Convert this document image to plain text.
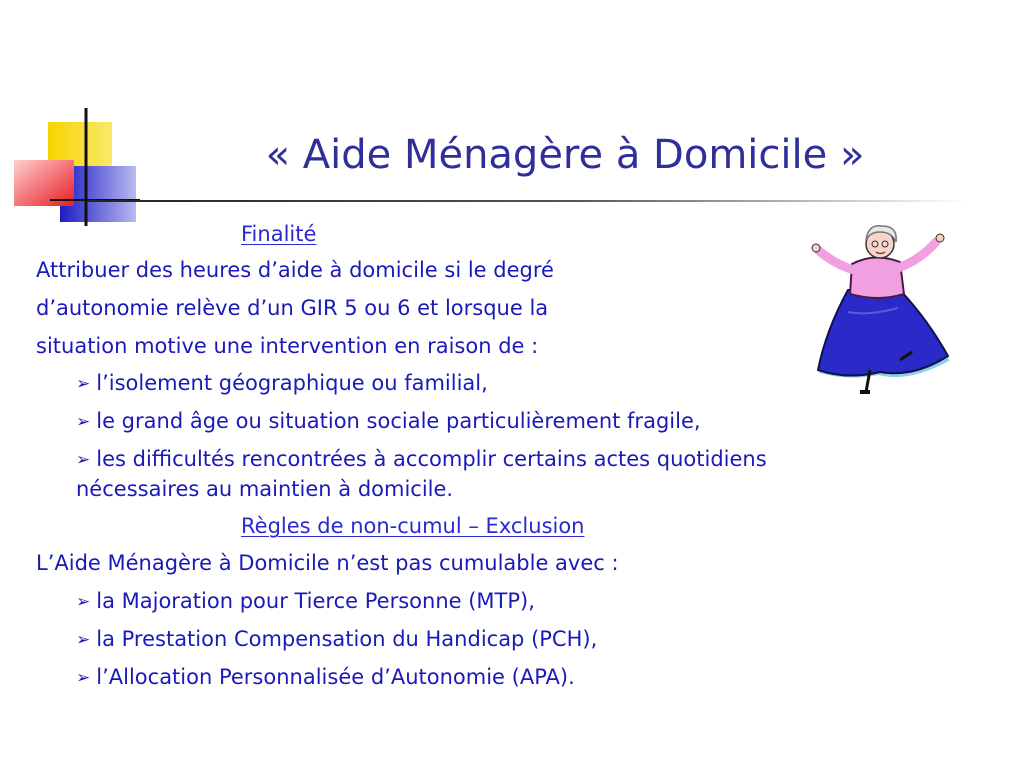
« Aide Ménagère à Domicile »
Finalité
Attribuer des heures d’aide à domicile si le degré
d’autonomie relève d’un GIR 5 ou 6 et lorsque la
situation motive une intervention en raison de :
➢ l’isolement géographique ou familial,
➢ le grand âge ou situation sociale particulièrement fragile,
➢ les difficultés rencontrées à accomplir certains actes quotidiens
nécessaires au maintien à domicile.
Règles de non-cumul – Exclusion
L’Aide Ménagère à Domicile n’est pas cumulable avec :
➢ la Majoration pour Tierce Personne (MTP),
➢ la Prestation Compensation du Handicap (PCH),
➢ l’Allocation Personnalisée d’Autonomie (APA).
